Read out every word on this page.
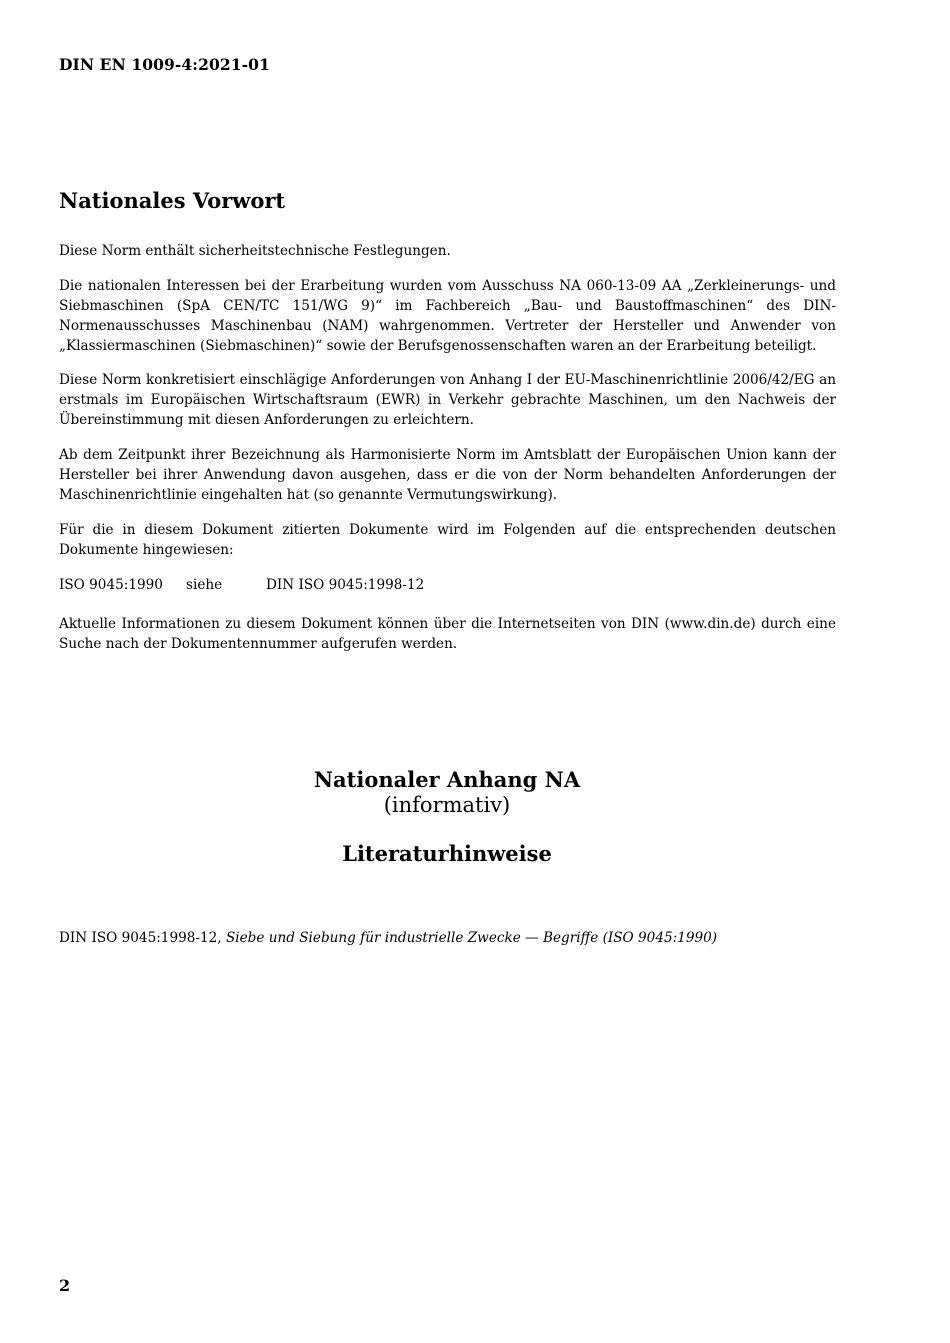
DIN EN 1009-4:2021-01
Nationales Vorwort

Diese Norm enthält sicherheitstechnische Festlegungen.

Die nationalen Interessen bei der Erarbeitung wurden vom Ausschuss NA 060-13-09 AA „Zerkleinerungs- und Siebmaschinen (SpA CEN/TC 151/WG 9)“ im Fachbereich „Bau- und Baustoffmaschinen“ des DIN-Normenausschusses Maschinenbau (NAM) wahrgenommen. Vertreter der Hersteller und Anwender von „Klassiermaschinen (Siebmaschinen)“ sowie der Berufsgenossenschaften waren an der Erarbeitung beteiligt.

Diese Norm konkretisiert einschlägige Anforderungen von Anhang I der EU-Maschinenrichtlinie 2006/42/EG an erstmals im Europäischen Wirtschaftsraum (EWR) in Verkehr gebrachte Maschinen, um den Nachweis der Übereinstimmung mit diesen Anforderungen zu erleichtern.

Ab dem Zeitpunkt ihrer Bezeichnung als Harmonisierte Norm im Amtsblatt der Europäischen Union kann der Hersteller bei ihrer Anwendung davon ausgehen, dass er die von der Norm behandelten Anforderungen der Maschinenrichtlinie eingehalten hat (so genannte Vermutungswirkung).

Für die in diesem Dokument zitierten Dokumente wird im Folgenden auf die entsprechenden deutschen Dokumente hingewiesen:

ISO 9045:1990 siehe	DIN ISO 9045:1998-12

Aktuelle Informationen zu diesem Dokument können über die Internetseiten von DIN (www.din.de) durch eine Suche nach der Dokumentennummer aufgerufen werden.

Nationaler Anhang NA
(informativ)
Literaturhinweise
DIN ISO 9045:1998-12, Siebe und Siebung für industrielle Zwecke — Begriffe (ISO 9045:1990)
2
